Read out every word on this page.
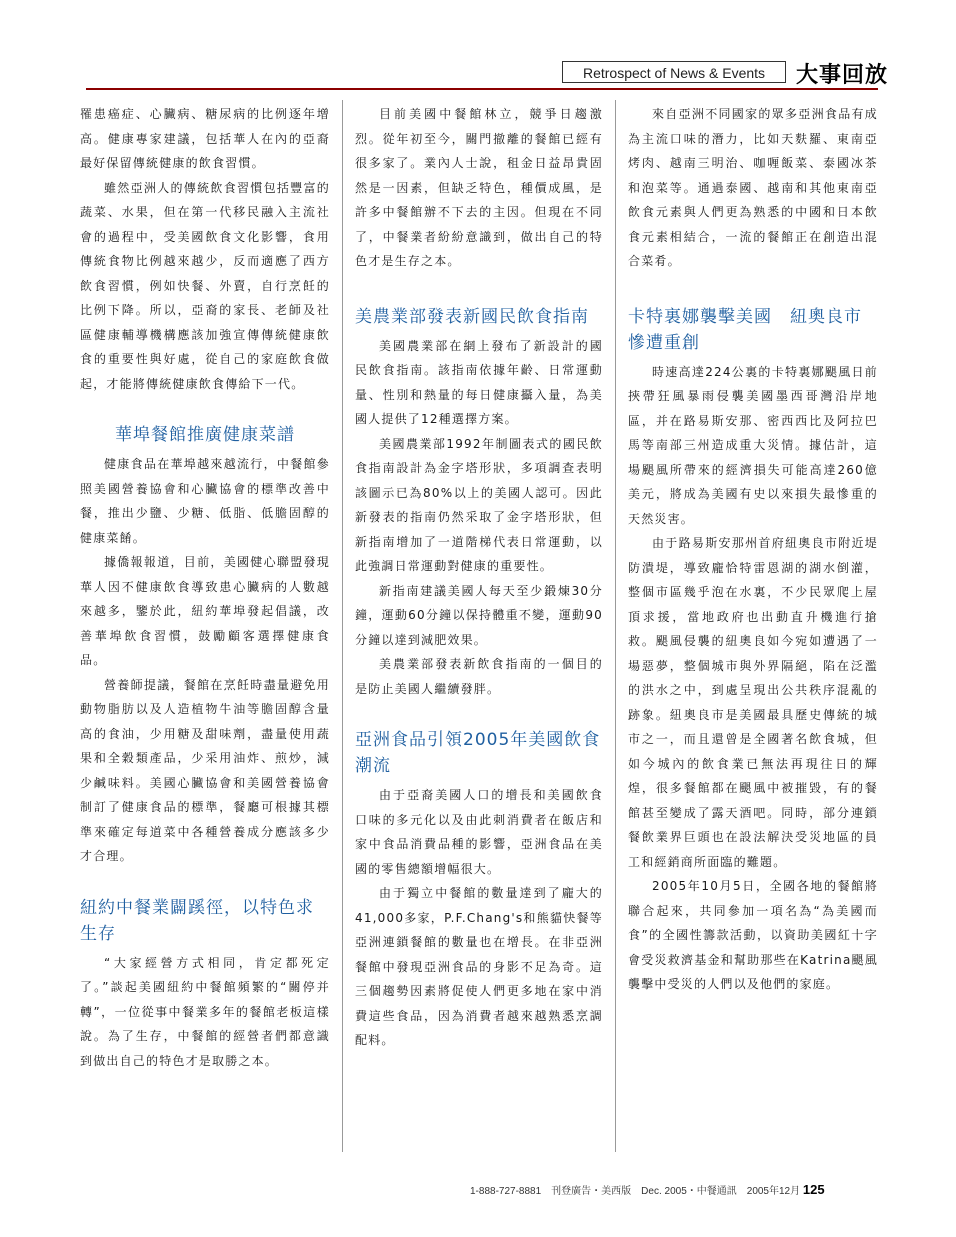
Retrospect of News & Events	大事回放

罹患癌症、心臟病、糖尿病的比例逐年增高。健康專家建議，包括華人在內的亞裔最好保留傳統健康的飲食習慣。

雖然亞洲人的傳統飲食習慣包括豐富的蔬菜、水果，但在第一代移民融入主流社會的過程中，受美國飲食文化影響，食用傳統食物比例越來越少，反而適應了西方飲食習慣，例如快餐、外賣，自行烹飪的比例下降。所以，亞裔的家長、老師及社區健康輔導機構應該加強宣傳傳統健康飲食的重要性與好處，從自己的家庭飲食做起，才能將傳統健康飲食傳給下一代。

華埠餐館推廣健康菜譜

健康食品在華埠越來越流行，中餐館參照美國營養協會和心臟協會的標準改善中餐，推出少鹽、少糖、低脂、低膽固醇的健康菜餚。

據僑報報道，目前，美國健心聯盟發現華人因不健康飲食導致患心臟病的人數越來越多，鑒於此，紐約華埠發起倡議，改善華埠飲食習慣，鼓勵顧客選擇健康食品。

營養師提議，餐館在烹飪時盡量避免用動物脂肪以及人造植物牛油等膽固醇含量高的食油，少用糖及甜味劑，盡量使用蔬果和全穀類產品，少采用油炸、煎炒，減少鹹味料。美國心臟協會和美國營養協會制訂了健康食品的標準，餐廳可根據其標準來確定每道菜中各種營養成分應該多少才合理。

紐約中餐業闢蹊徑，以特色求生存

“大家經營方式相同，肯定都死定了。”談起美國紐約中餐館頻繁的“關停并轉”，一位從事中餐業多年的餐館老板這樣說。為了生存，中餐館的經營者們都意識到做出自己的特色才是取勝之本。

目前美國中餐館林立，競爭日趨激烈。從年初至今，關門撤離的餐館已經有很多家了。業內人士說，租金日益昂貴固然是一因素，但缺乏特色，種價成風，是許多中餐館辦不下去的主因。但現在不同了，中餐業者紛紛意識到，做出自己的特色才是生存之本。

美農業部發表新國民飲食指南

美國農業部在網上發布了新設計的國民飲食指南。該指南依據年齡、日常運動量、性別和熱量的每日健康攝入量，為美國人提供了12種選擇方案。

美國農業部1992年制圖表式的國民飲食指南設計為金字塔形狀，多項調查表明該圖示已為80%以上的美國人認可。因此新發表的指南仍然采取了金字塔形狀，但新指南增加了一道階梯代表日常運動，以此強調日常運動對健康的重要性。

新指南建議美國人每天至少鍛煉30分鐘，運動60分鐘以保持體重不變，運動90分鐘以達到減肥效果。

美農業部發表新飲食指南的一個目的是防止美國人繼續發胖。

亞洲食品引領2005年美國飲食潮流

由于亞裔美國人口的增長和美國飲食口味的多元化以及由此刺消費者在飯店和家中食品消費品種的影響，亞洲食品在美國的零售總額增幅很大。

由于獨立中餐館的數量達到了龐大的41,000多家，P.F.Chang's和熊貓快餐等亞洲連鎖餐館的數量也在增長。在非亞洲餐館中發現亞洲食品的身影不足為奇。這三個趨勢因素將促使人們更多地在家中消費這些食品，因為消費者越來越熟悉烹調配料。

來自亞洲不同國家的眾多亞洲食品有成為主流口味的潛力，比如天麩羅、東南亞烤肉、越南三明治、咖喱飯菜、泰國冰茶和泡菜等。通過泰國、越南和其他東南亞飲食元素與人們更為熟悉的中國和日本飲食元素相結合，一流的餐館正在創造出混合菜肴。

卡特裏娜襲擊美國　紐奧良市慘遭重創

時速高達224公裏的卡特裏娜颶風日前挾帶狂風暴雨侵襲美國墨西哥灣沿岸地區，并在路易斯安那、密西西比及阿拉巴馬等南部三州造成重大災情。據估計，這場颶風所帶來的經濟損失可能高達260億美元，將成為美國有史以來損失最慘重的天然災害。

由于路易斯安那州首府紐奧良市附近堤防潰堤，導致龐恰特雷恩湖的湖水倒灌，整個市區幾乎泡在水裏，不少民眾爬上屋頂求援，當地政府也出動直升機進行搶救。颶風侵襲的紐奧良如今宛如遭遇了一場惡夢，整個城市與外界隔絕，陷在泛濫的洪水之中，到處呈現出公共秩序混亂的跡象。紐奧良市是美國最具歷史傳統的城市之一，而且還曾是全國著名飲食城，但如今城內的飲食業已無法再現往日的輝煌，很多餐館都在颶風中被摧毀，有的餐館甚至變成了露天酒吧。同時，部分連鎖餐飲業界巨頭也在設法解決受災地區的員工和經銷商所面臨的難題。

2005年10月5日，全國各地的餐館將聯合起來，共同參加一項名為“為美國而食”的全國性籌款活動，以資助美國紅十字會受災救濟基金和幫助那些在Katrina颶風襲擊中受災的人們以及他們的家庭。

1-888-727-8881　刊登廣告・美西版　Dec. 2005・中餐通訊　2005年12月 125
